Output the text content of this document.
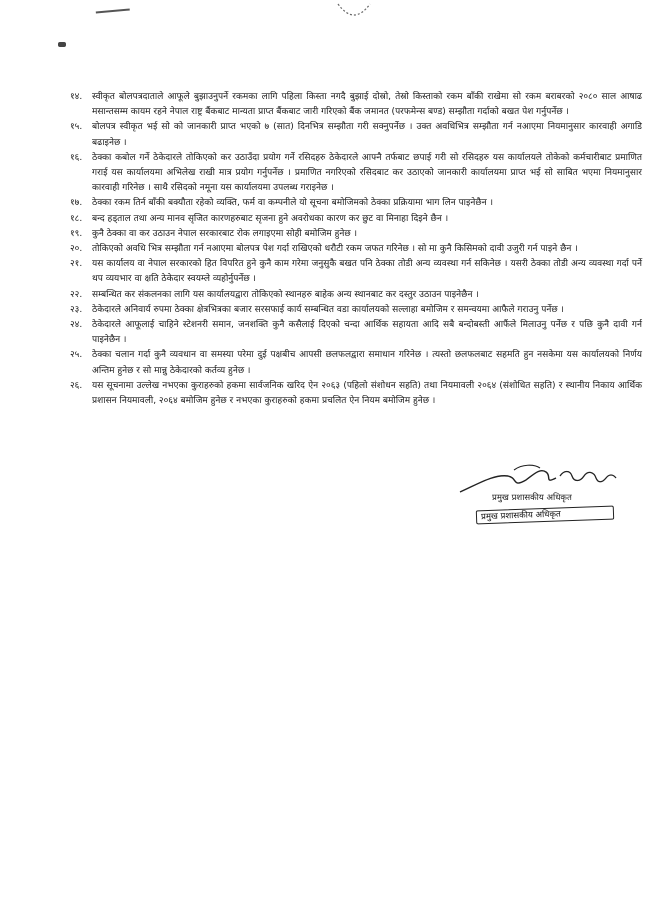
१४.	स्वीकृत बोलपत्रदाताले आफूले बुझाउनुपर्ने रकमका लागि पहिला किस्ता नगदै बुझाई दोस्रो, तेस्रो किस्ताको रकम बाँकी राखेमा सो रकम बराबरको २०८० साल आषाढ मसान्तसम्म कायम रहने नेपाल राष्ट्र बैंकबाट मान्यता प्राप्त बैंकबाट जारी गरिएको बैंक जमानत (परफमेन्स बण्ड) सम्झौता गर्दाको बखत पेश गर्नुपर्नेछ ।
१५.	बोलपत्र स्वीकृत भई सो को जानकारी प्राप्त भएको ७ (सात) दिनभित्र सम्झौता गरी सक्नुपर्नेछ । उक्त अवधिभित्र सम्झौता गर्न नआएमा नियमानुसार कारवाही अगाडि बढाइनेछ ।
१६.	ठेक्का कबोल गर्ने ठेकेदारले तोकिएको कर उठाउँदा प्रयोग गर्ने रसिदहरु ठेकेदारले आफ्नै तर्फबाट छपाई गरी सो रसिदहरु यस कार्यालयले तोकेको कर्मचारीबाट प्रमाणित गराई यस कार्यालयमा अभिलेख राखी मात्र प्रयोग गर्नुपर्नेछ । प्रमाणित नगरिएको रसिदबाट कर उठाएको जानकारी कार्यालयमा प्राप्त भई सो साबित भएमा नियमानुसार कारवाही गरिनेछ । साथै रसिदको नमूना यस कार्यालयमा उपलब्ध गराइनेछ ।
१७.	ठेक्का रकम तिर्न बाँकी बक्यौता रहेको व्यक्ति, फर्म वा कम्पनीले यो सूचना बमोजिमको ठेक्का प्रक्रियामा भाग लिन पाइनेछैन ।
१८.	बन्द हड्ताल तथा अन्य मानव सृजित कारणहरुबाट सृजना हुने अवरोधका कारण कर छुट वा मिनाहा दिइने छैन ।
१९.	कुनै ठेक्का वा कर उठाउन नेपाल सरकारबाट रोक लगाइएमा सोही बमोजिम हुनेछ ।
२०.	तोकिएको अवधि भित्र सम्झौता गर्न नआएमा बोलपत्र पेश गर्दा राखिएको धरौटी रकम जफत गरिनेछ । सो मा कुनै किसिमको दावी उजुरी गर्न पाइने छैन ।
२१.	यस कार्यालय वा नेपाल सरकारको हित विपरित हुने कुनै काम गरेमा जनुसुकै बखत पनि ठेक्का तोडी अन्य व्यवस्था गर्न सकिनेछ । यसरी ठेक्का तोडी अन्य व्यवस्था गर्दा पर्ने थप व्ययभार वा क्षति ठेकेदार स्वयम्ले व्यहोर्नुपर्नेछ ।
२२.	सम्बन्धित कर संकलनका लागि यस कार्यालयद्वारा तोकिएको स्थानहरु बाहेक अन्य स्थानबाट कर दस्तुर उठाउन पाइनेछैन ।
२३.	ठेकेदारले अनिवार्य रुपमा ठेक्का क्षेत्रभित्रका बजार सरसफाई कार्य सम्बन्धित वडा कार्यालयको सल्लाहा बमोजिम र समन्वयमा आफैले गराउनु पर्नेछ ।
२४.	ठेकेदारले आफूलाई चाहिने स्टेशनरी समान, जनशक्ति कुनै कसैलाई दिएको चन्दा आर्थिक सहायता आदि सबै बन्दोबस्ती आफैंले मिलाउनु पर्नेछ र पछि कुनै दावी गर्न पाइनेछैन ।
२५.	ठेक्का चलान गर्दा कुनै व्यवधान वा समस्या परेमा दुई पक्षबीच आपसी छलफलद्वारा समाधान गरिनेछ । त्यस्तो छलफलबाट सहमति हुन नसकेमा यस कार्यालयको निर्णय अन्तिम हुनेछ र सो मान्नु ठेकेदारको कर्तव्य हुनेछ ।
२६.	यस सूचनामा उल्लेख नभएका कुराहरुको हकमा सार्वजनिक खरिद ऐन २०६३ (पहिलो संशोधन सहति) तथा नियमावली २०६४ (संशोधित सहति) र स्थानीय निकाय आर्थिक प्रशासन नियमावली, २०६४ बमोजिम हुनेछ र नभएका कुराहरुको हकमा प्रचलित ऐन नियम बमोजिम हुनेछ ।
प्रमुख प्रशासकीय अधिकृत
प्रमुख प्रशासकीय अधिकृत
